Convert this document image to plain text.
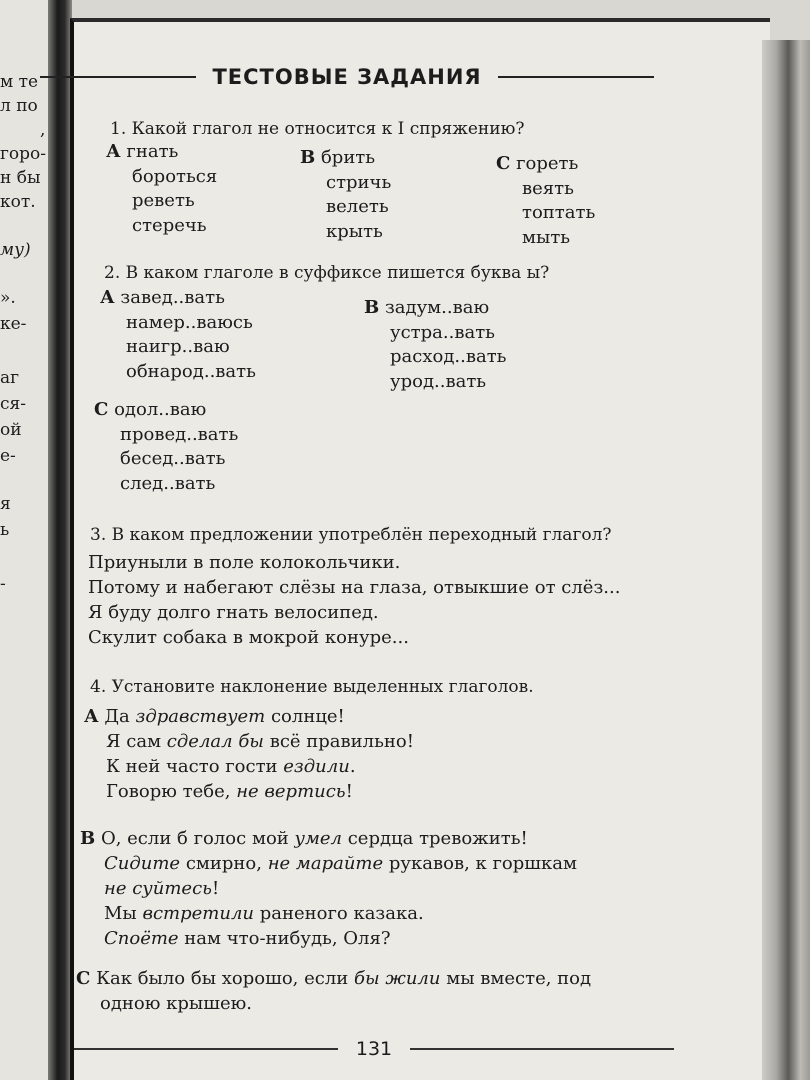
м те
л по
,
горо-
н бы
кот.
му)
».
ке-
аг
ся-
ой
е-
я
ь
-
ТЕСТОВЫЕ ЗАДАНИЯ
1. Какой глагол не относится к I спряжению?
А гнать
бороться
реветь
стеречь
В брить
стричь
велеть
крыть
С гореть
веять
топтать
мыть
2. В каком глаголе в суффиксе пишется буква ы?
А завед..вать
намер..ваюсь
наигр..ваю
обнарод..вать
В задум..ваю
устра..вать
расход..вать
урод..вать
С одол..ваю
провед..вать
бесед..вать
след..вать
3. В каком предложении употреблён переходный глагол?
Приуныли в поле колокольчики.
Потому и набегают слёзы на глаза, отвыкшие от слёз...
Я буду долго гнать велосипед.
Скулит собака в мокрой конуре...
4. Установите наклонение выделенных глаголов.
А Да здравствует солнце!
Я сам сделал бы всё правильно!
К ней часто гости ездили.
Говорю тебе, не вертись!
В О, если б голос мой умел сердца тревожить!
Сидите смирно, не марайте рукавов, к горшкам
не суйтесь!
Мы встретили раненого казака.
Споёте нам что-нибудь, Оля?
С Как было бы хорошо, если бы жили мы вместе, под
одною крышею.
131
